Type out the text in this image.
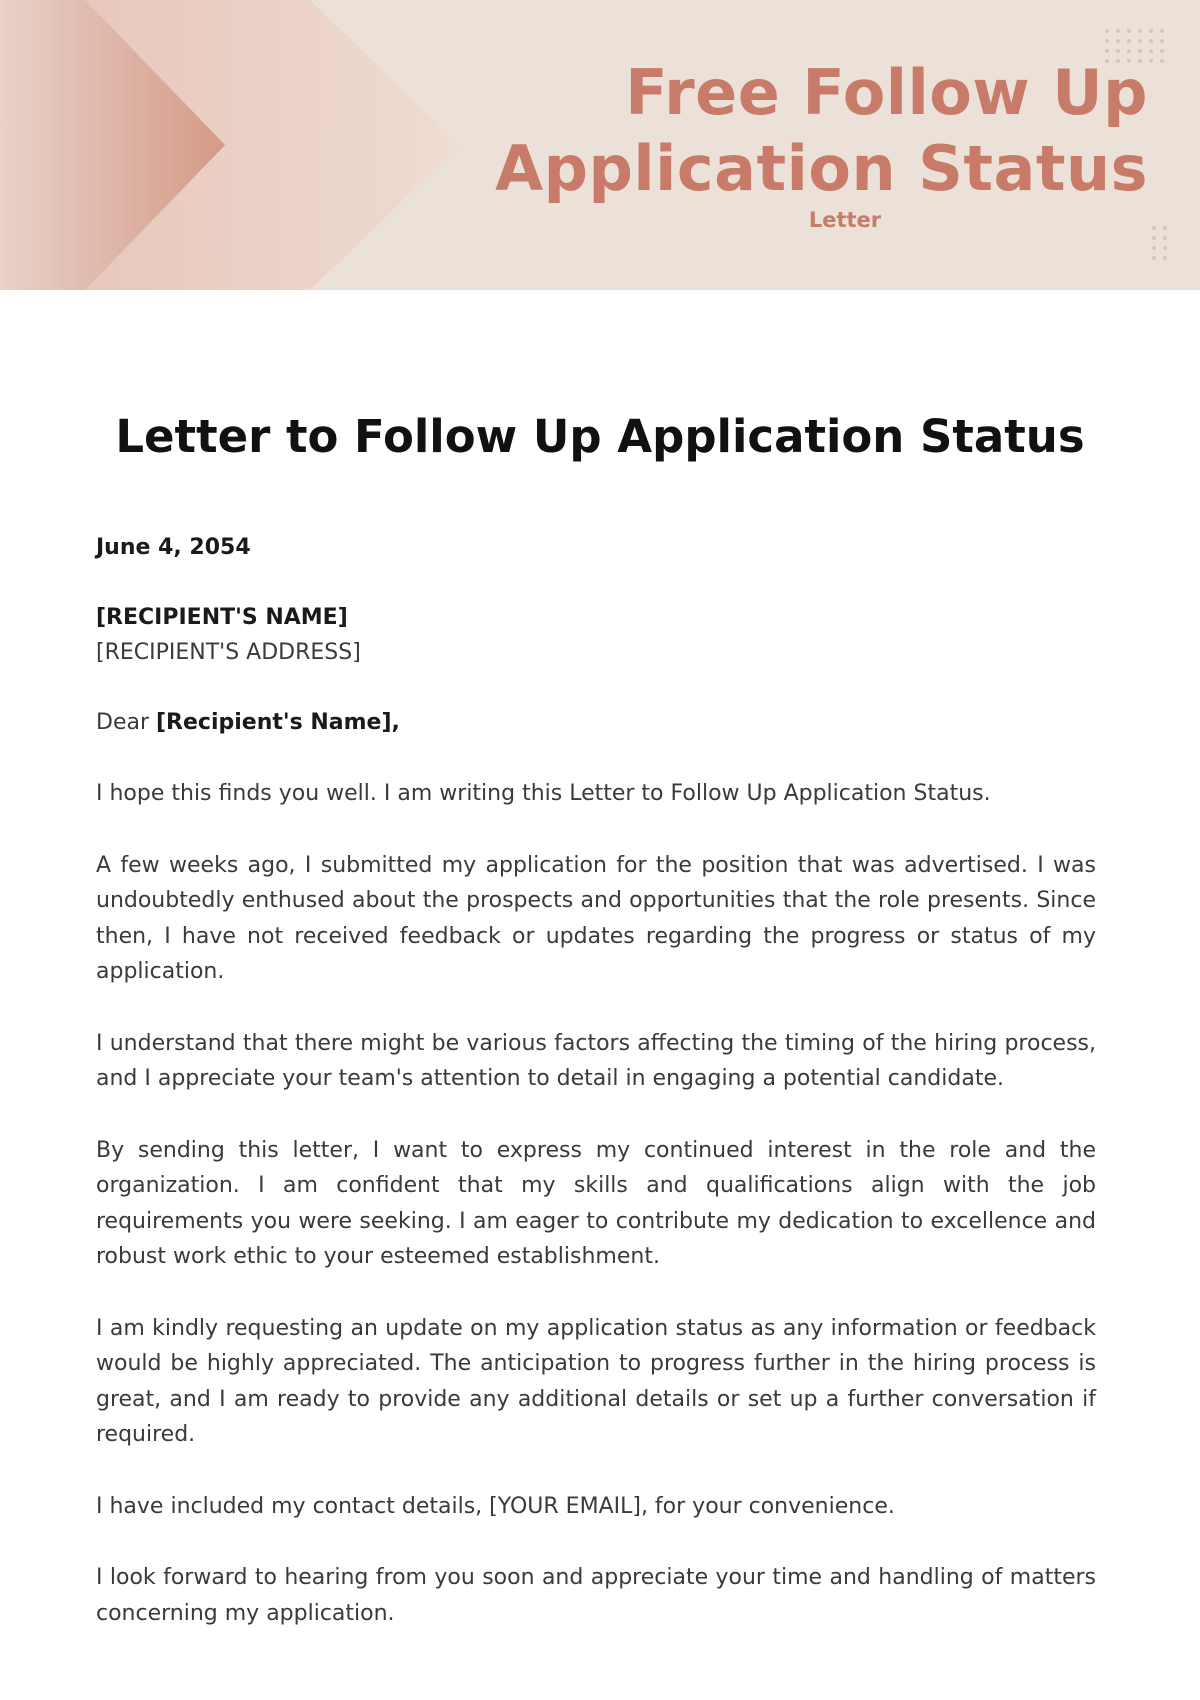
Free Follow Up
Application Status
Letter
Letter to Follow Up Application Status

June 4, 2054

[RECIPIENT'S NAME]

[RECIPIENT'S ADDRESS]

Dear [Recipient's Name],

I hope this finds you well. I am writing this Letter to Follow Up Application Status.

A few weeks ago, I submitted my application for the position that was advertised. I was undoubtedly enthused about the prospects and opportunities that the role presents. Since then, I have not received feedback or updates regarding the progress or status of my application.

I understand that there might be various factors affecting the timing of the hiring process, and I appreciate your team's attention to detail in engaging a potential candidate.

By sending this letter, I want to express my continued interest in the role and the organization. I am confident that my skills and qualifications align with the job requirements you were seeking. I am eager to contribute my dedication to excellence and robust work ethic to your esteemed establishment.

I am kindly requesting an update on my application status as any information or feedback would be highly appreciated. The anticipation to progress further in the hiring process is great, and I am ready to provide any additional details or set up a further conversation if required.

I have included my contact details, [YOUR EMAIL], for your convenience.

I look forward to hearing from you soon and appreciate your time and handling of matters concerning my application.
